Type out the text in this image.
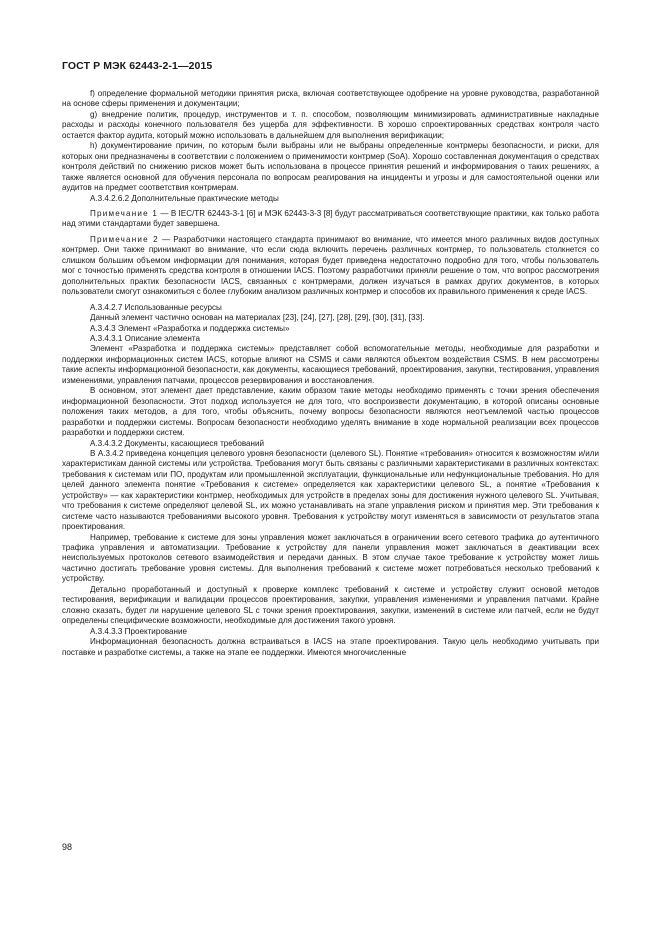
ГОСТ Р МЭК 62443-2-1—2015

f) определение формальной методики принятия риска, включая соответствующее одобрение на уровне руководства, разработанной на основе сферы применения и документации;

g) внедрение политик, процедур, инструментов и т. п. способом, позволяющим минимизировать административные накладные расходы и расходы конечного пользователя без ущерба для эффективности. В хорошо спроектированных средствах контроля часто остается фактор аудита, который можно использовать в дальнейшем для выполнения верификации;

h) документирование причин, по которым были выбраны или не выбраны определенные контрмеры безопасности, и риски, для которых они предназначены в соответствии с положением о применимости контрмер (SoA). Хорошо составленная документация о средствах контроля действий по снижению рисков может быть использована в процессе принятия решений и информирования о таких решениях, а также является основной для обучения персонала по вопросам реагирования на инциденты и угрозы и для самостоятельной оценки или аудитов на предмет соответствия контрмерам.

А.3.4.2.6.2 Дополнительные практические методы

Примечание 1 — В IEC/TR 62443-3-1 [6] и МЭК 62443-3-3 [8] будут рассматриваться соответствующие практики, как только работа над этими стандартами будет завершена.

Примечание 2 — Разработчики настоящего стандарта принимают во внимание, что имеется много различных видов доступных контрмер. Они также принимают во внимание, что если сюда включить перечень различных контрмер, то пользователь столкнется со слишком большим объемом информации для понимания, которая будет приведена недостаточно подробно для того, чтобы пользователь мог с точностью применять средства контроля в отношении IACS. Поэтому разработчики приняли решение о том, что вопрос рассмотрения дополнительных практик безопасности IACS, связанных с контрмерами, должен изучаться в рамках других документов, в которых пользователи смогут ознакомиться с более глубоким анализом различных контрмер и способов их правильного применения к среде IACS.

А.3.4.2.7 Использованные ресурсы

Данный элемент частично основан на материалах [23], [24], [27], [28], [29], [30], [31], [33].

А.3.4.3 Элемент «Разработка и поддержка системы»

А.3.4.3.1 Описание элемента

Элемент «Разработка и поддержка системы» представляет собой вспомогательные методы, необходимые для разработки и поддержки информационных систем IACS, которые влияют на CSMS и сами являются объектом воздействия CSMS. В нем рассмотрены такие аспекты информационной безопасности, как документы, касающиеся требований, проектирования, закупки, тестирования, управления изменениями, управления патчами, процессов резервирования и восстановления.

В основном, этот элемент дает представление, каким образом такие методы необходимо применять с точки зрения обеспечения информационной безопасности. Этот подход используется не для того, что воспроизвести документацию, в которой описаны основные положения таких методов, а для того, чтобы объяснить, почему вопросы безопасности являются неотъемлемой частью процессов разработки и поддержки системы. Вопросам безопасности необходимо уделять внимание в ходе нормальной реализации всех процессов разработки и поддержки систем.

А.3.4.3.2 Документы, касающиеся требований

В А.3.4.2 приведена концепция целевого уровня безопасности (целевого SL). Понятие «требования» относится к возможностям и/или характеристикам данной системы или устройства. Требования могут быть связаны с различными характеристиками в различных контекстах: требования к системам или ПО, продуктам или промышленной эксплуатации, функциональные или нефункциональные требования. Но для целей данного элемента понятие «Требования к системе» определяется как характеристики целевого SL, а понятие «Требования к устройству» — как характеристики контрмер, необходимых для устройств в пределах зоны для достижения нужного целевого SL. Учитывая, что требования к системе определяют целевой SL, их можно устанавливать на этапе управления риском и принятия мер. Эти требования к системе часто называются требованиями высокого уровня. Требования к устройству могут изменяться в зависимости от результатов этапа проектирования.

Например, требование к системе для зоны управления может заключаться в ограничении всего сетевого трафика до аутентичного трафика управления и автоматизации. Требование к устройству для панели управления может заключаться в деактивации всех неиспользуемых протоколов сетевого взаимодействия и передачи данных. В этом случае такое требование к устройству может лишь частично достигать требование уровня системы. Для выполнения требований к системе может потребоваться несколько требований к устройству.

Детально проработанный и доступный к проверке комплекс требований к системе и устройству служит основой методов тестирования, верификации и валидации процессов проектирования, закупки, управления изменениями и управления патчами. Крайне сложно сказать, будет ли нарушение целевого SL с точки зрения проектирования, закупки, изменений в системе или патчей, если не будут определены специфические возможности, необходимые для достижения такого уровня.

А.3.4.3.3 Проектирование

Информационная безопасность должна встраиваться в IACS на этапе проектирования. Такую цель необходимо учитывать при поставке и разработке системы, а также на этапе ее поддержки. Имеются многочисленные

98
